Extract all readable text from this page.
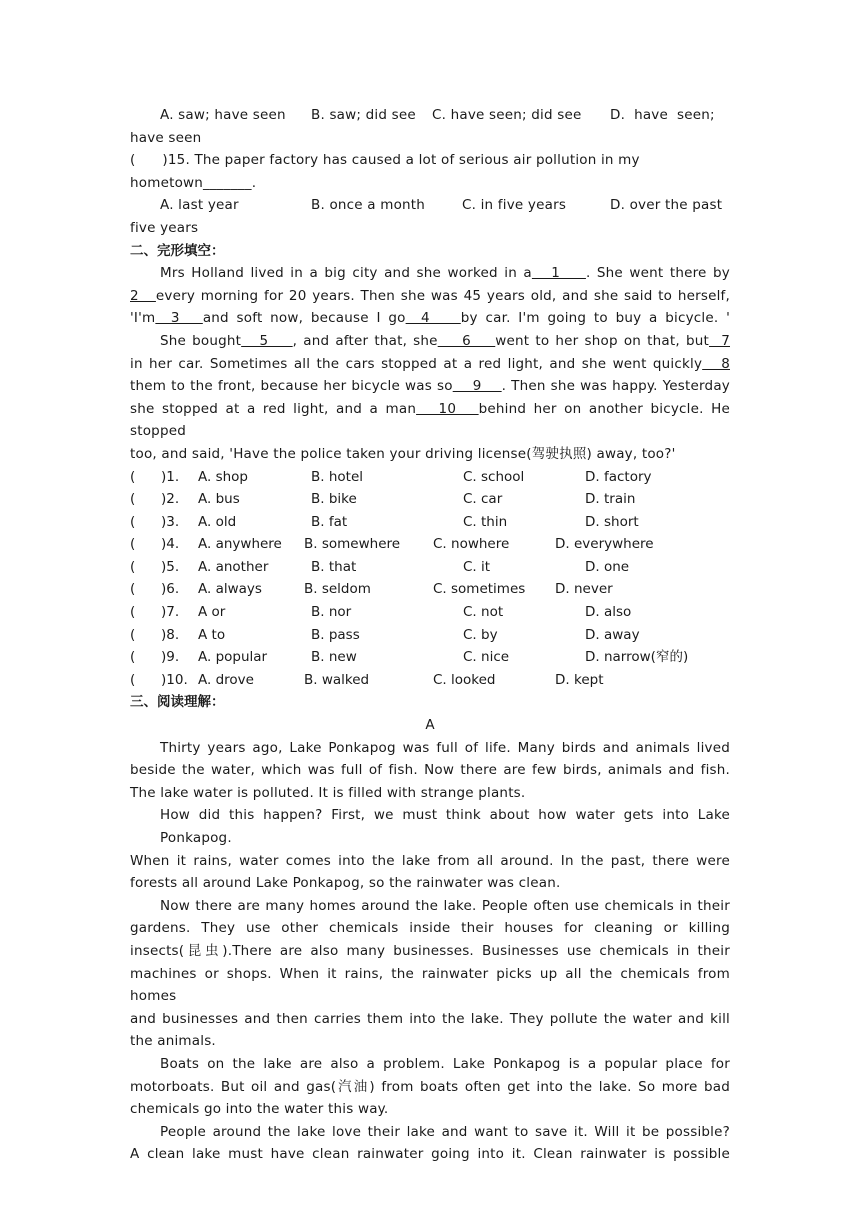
A. saw; have seen	B. saw; did see	C. have seen; did see	D.  have  seen;
have seen
(      )15. The paper factory has caused a lot of serious air pollution in my
hometown_______.
A. last year	B. once a month	C. in five years	D. over the past
five years
二、完形填空：
Mrs Holland lived in a big city and she worked in a   1    . She went there by
2   every morning for 20 years. Then she was 45 years old, and she said to herself,
'I'm  3   and soft now, because I go  4    by car. I'm going to buy a bicycle. '
She bought   5    , and after that, she    6    went to her shop on that, but  7
in her car. Sometimes all the cars stopped at a red light, and she went quickly   8
them to the front, because her bicycle was so    9    . Then she was happy. Yesterday
she stopped at a red light, and a man   10   behind her on another bicycle. He stopped
too, and said, 'Have the police taken your driving license(驾驶执照) away, too?'
(      )1.	A. shop	B. hotel	C. school	D. factory
(      )2.	A. bus	B. bike	C. car	D. train
(      )3.	A. old	B. fat	C. thin	D. short
(      )4.	A. anywhere	B. somewhere	C. nowhere	D. everywhere
(      )5.	A. another	B. that	C. it	D. one
(      )6.	A. always	B. seldom	C. sometimes	D. never
(      )7.	A or	B. nor	C. not	D. also
(      )8.	A to	B. pass	C. by	D. away
(      )9.	A. popular	B. new	C. nice	D. narrow(窄的)
(      )10. A. drove	B. walked	C. looked	D. kept
三、阅读理解：
A
Thirty years ago, Lake Ponkapog was full of life. Many birds and animals lived
beside the water, which was full of fish. Now there are few birds, animals and fish.
The lake water is polluted. It is filled with strange plants.
How did this happen? First, we must think about how water gets into Lake Ponkapog.
When it rains, water comes into the lake from all around. In the past, there were
forests all around Lake Ponkapog, so the rainwater was clean.
Now there are many homes around the lake. People often use chemicals in their
gardens. They use other chemicals inside their houses for cleaning or killing
insects(昆虫).There are also many businesses. Businesses use chemicals in their
machines or shops. When it rains, the rainwater picks up all the chemicals from homes
and businesses and then carries them into the lake. They pollute the water and kill
the animals.
Boats on the lake are also a problem. Lake Ponkapog is a popular place for
motorboats. But oil and gas(汽油) from boats often get into the lake. So more bad
chemicals go into the water this way.
People around the lake love their lake and want to save it. Will it be possible?
A clean lake must have clean rainwater going into it. Clean rainwater is possible
